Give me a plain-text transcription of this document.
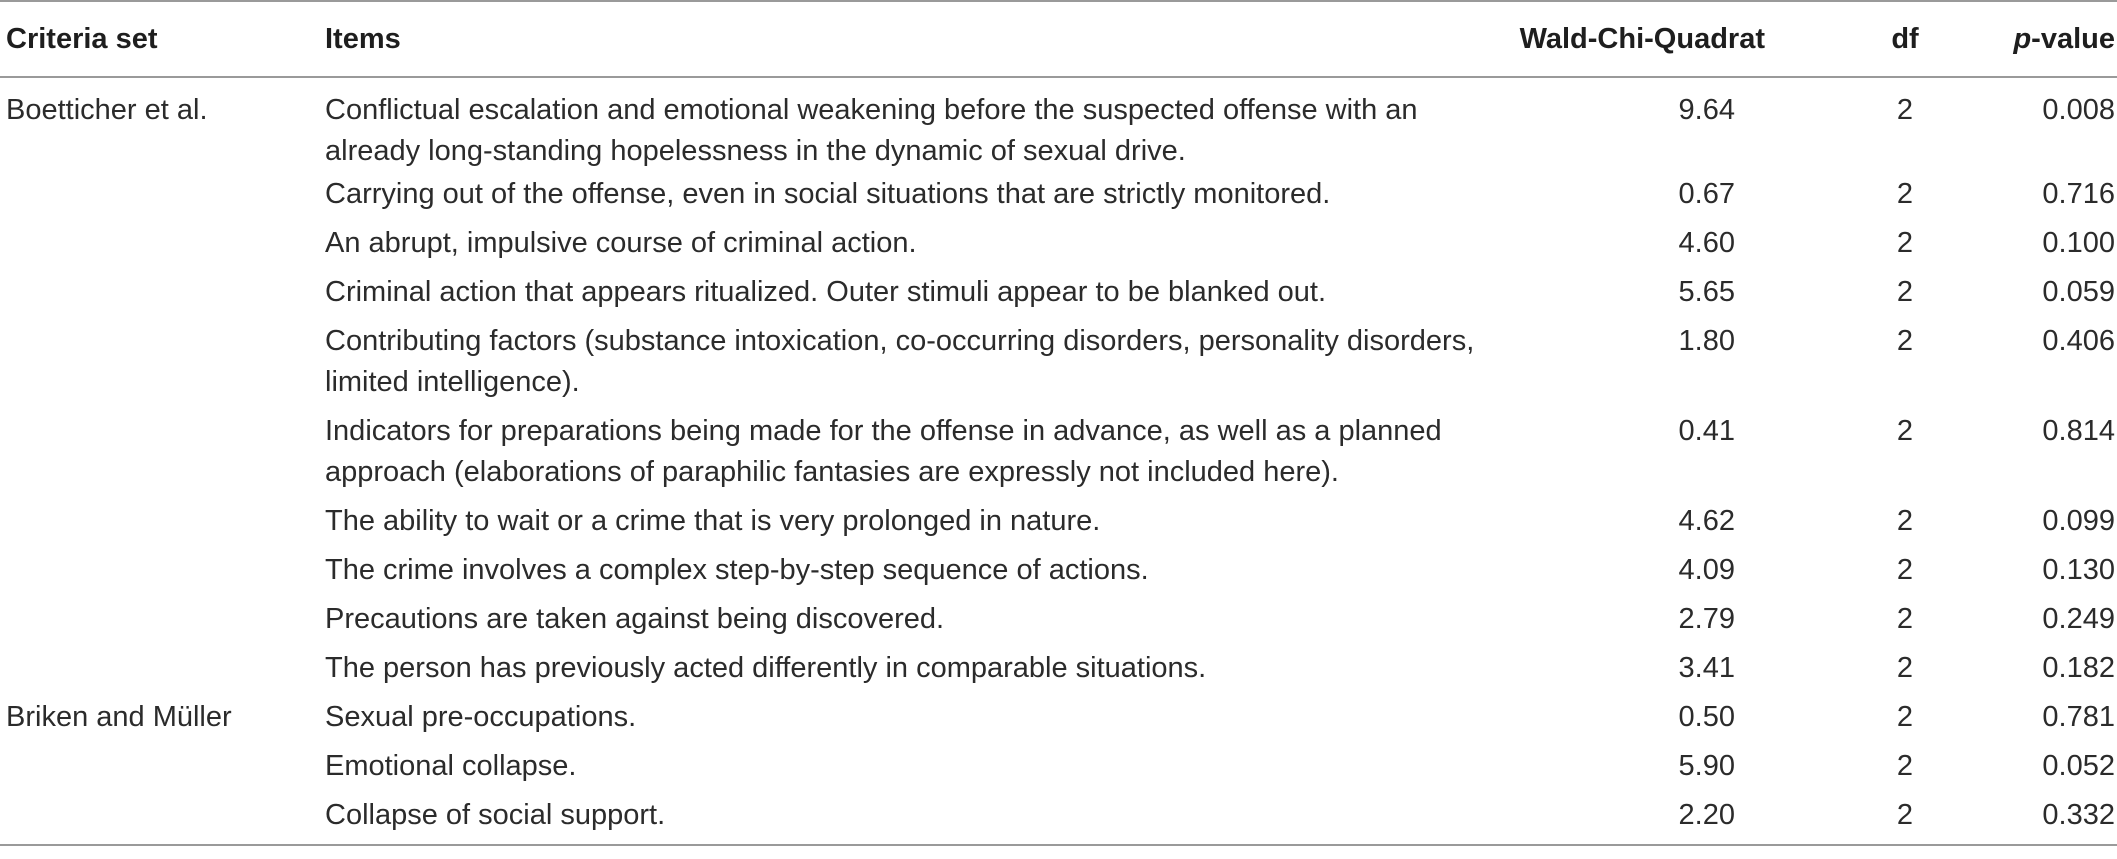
Criteria set	Items	Wald-Chi-Quadrat	df	p-value
Boetticher et al.	Conflictual escalation and emotional weakening before the suspected offense with an already long-standing hopelessness in the dynamic of sexual drive.	9.64	2	0.008
	Carrying out of the offense, even in social situations that are strictly monitored.	0.67	2	0.716
	An abrupt, impulsive course of criminal action.	4.60	2	0.100
	Criminal action that appears ritualized. Outer stimuli appear to be blanked out.	5.65	2	0.059
	Contributing factors (substance intoxication, co-occurring disorders, personality disorders, limited intelligence).	1.80	2	0.406
	Indicators for preparations being made for the offense in advance, as well as a planned approach (elaborations of paraphilic fantasies are expressly not included here).	0.41	2	0.814
	The ability to wait or a crime that is very prolonged in nature.	4.62	2	0.099
	The crime involves a complex step-by-step sequence of actions.	4.09	2	0.130
	Precautions are taken against being discovered.	2.79	2	0.249
	The person has previously acted differently in comparable situations.	3.41	2	0.182
Briken and Müller	Sexual pre-occupations.	0.50	2	0.781
	Emotional collapse.	5.90	2	0.052
	Collapse of social support.	2.20	2	0.332
